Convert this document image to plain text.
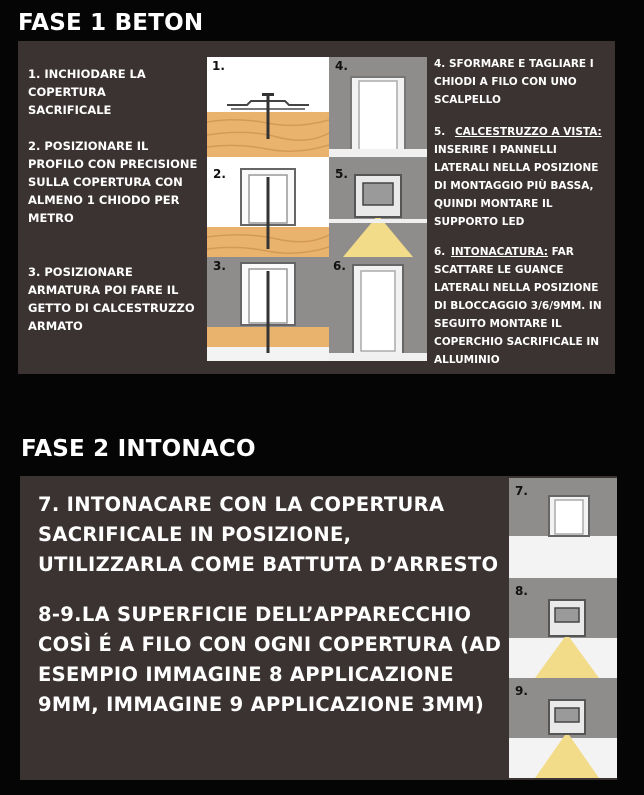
FASE 1 BETON

1. INCHIODARE LA COPERTURA SACRIFICALE

2. POSIZIONARE IL PROFILO CON PRECISIONE SULLA COPERTURA CON ALMENO 1 CHIODO PER METRO

3. POSIZIONARE ARMATURA POI FARE IL GETTO DI CALCESTRUZZO ARMATO

1.	4.
2.	5.
3.	6.

4. SFORMARE E TAGLIARE I CHIODI A FILO CON UNO SCALPELLO

5. CALCESTRUZZO A VISTA: INSERIRE I PANNELLI LATERALI NELLA POSIZIONE DI MONTAGGIO PIÙ BASSA, QUINDI MONTARE IL SUPPORTO LED

6. INTONACATURA: FAR SCATTARE LE GUANCE LATERALI NELLA POSIZIONE DI BLOCCAGGIO 3/6/9MM. IN SEGUITO MONTARE IL COPERCHIO SACRIFICALE IN ALLUMINIO

FASE 2 INTONACO

7. INTONACARE CON LA COPERTURA SACRIFICALE IN POSIZIONE, UTILIZZARLA COME BATTUTA D’ARRESTO

8-9.LA SUPERFICIE DELL’APPARECCHIO COSÌ É A FILO CON OGNI COPERTURA (AD ESEMPIO IMMAGINE 8 APPLICAZIONE 9MM, IMMAGINE 9 APPLICAZIONE 3MM)

7.
8.
9.
